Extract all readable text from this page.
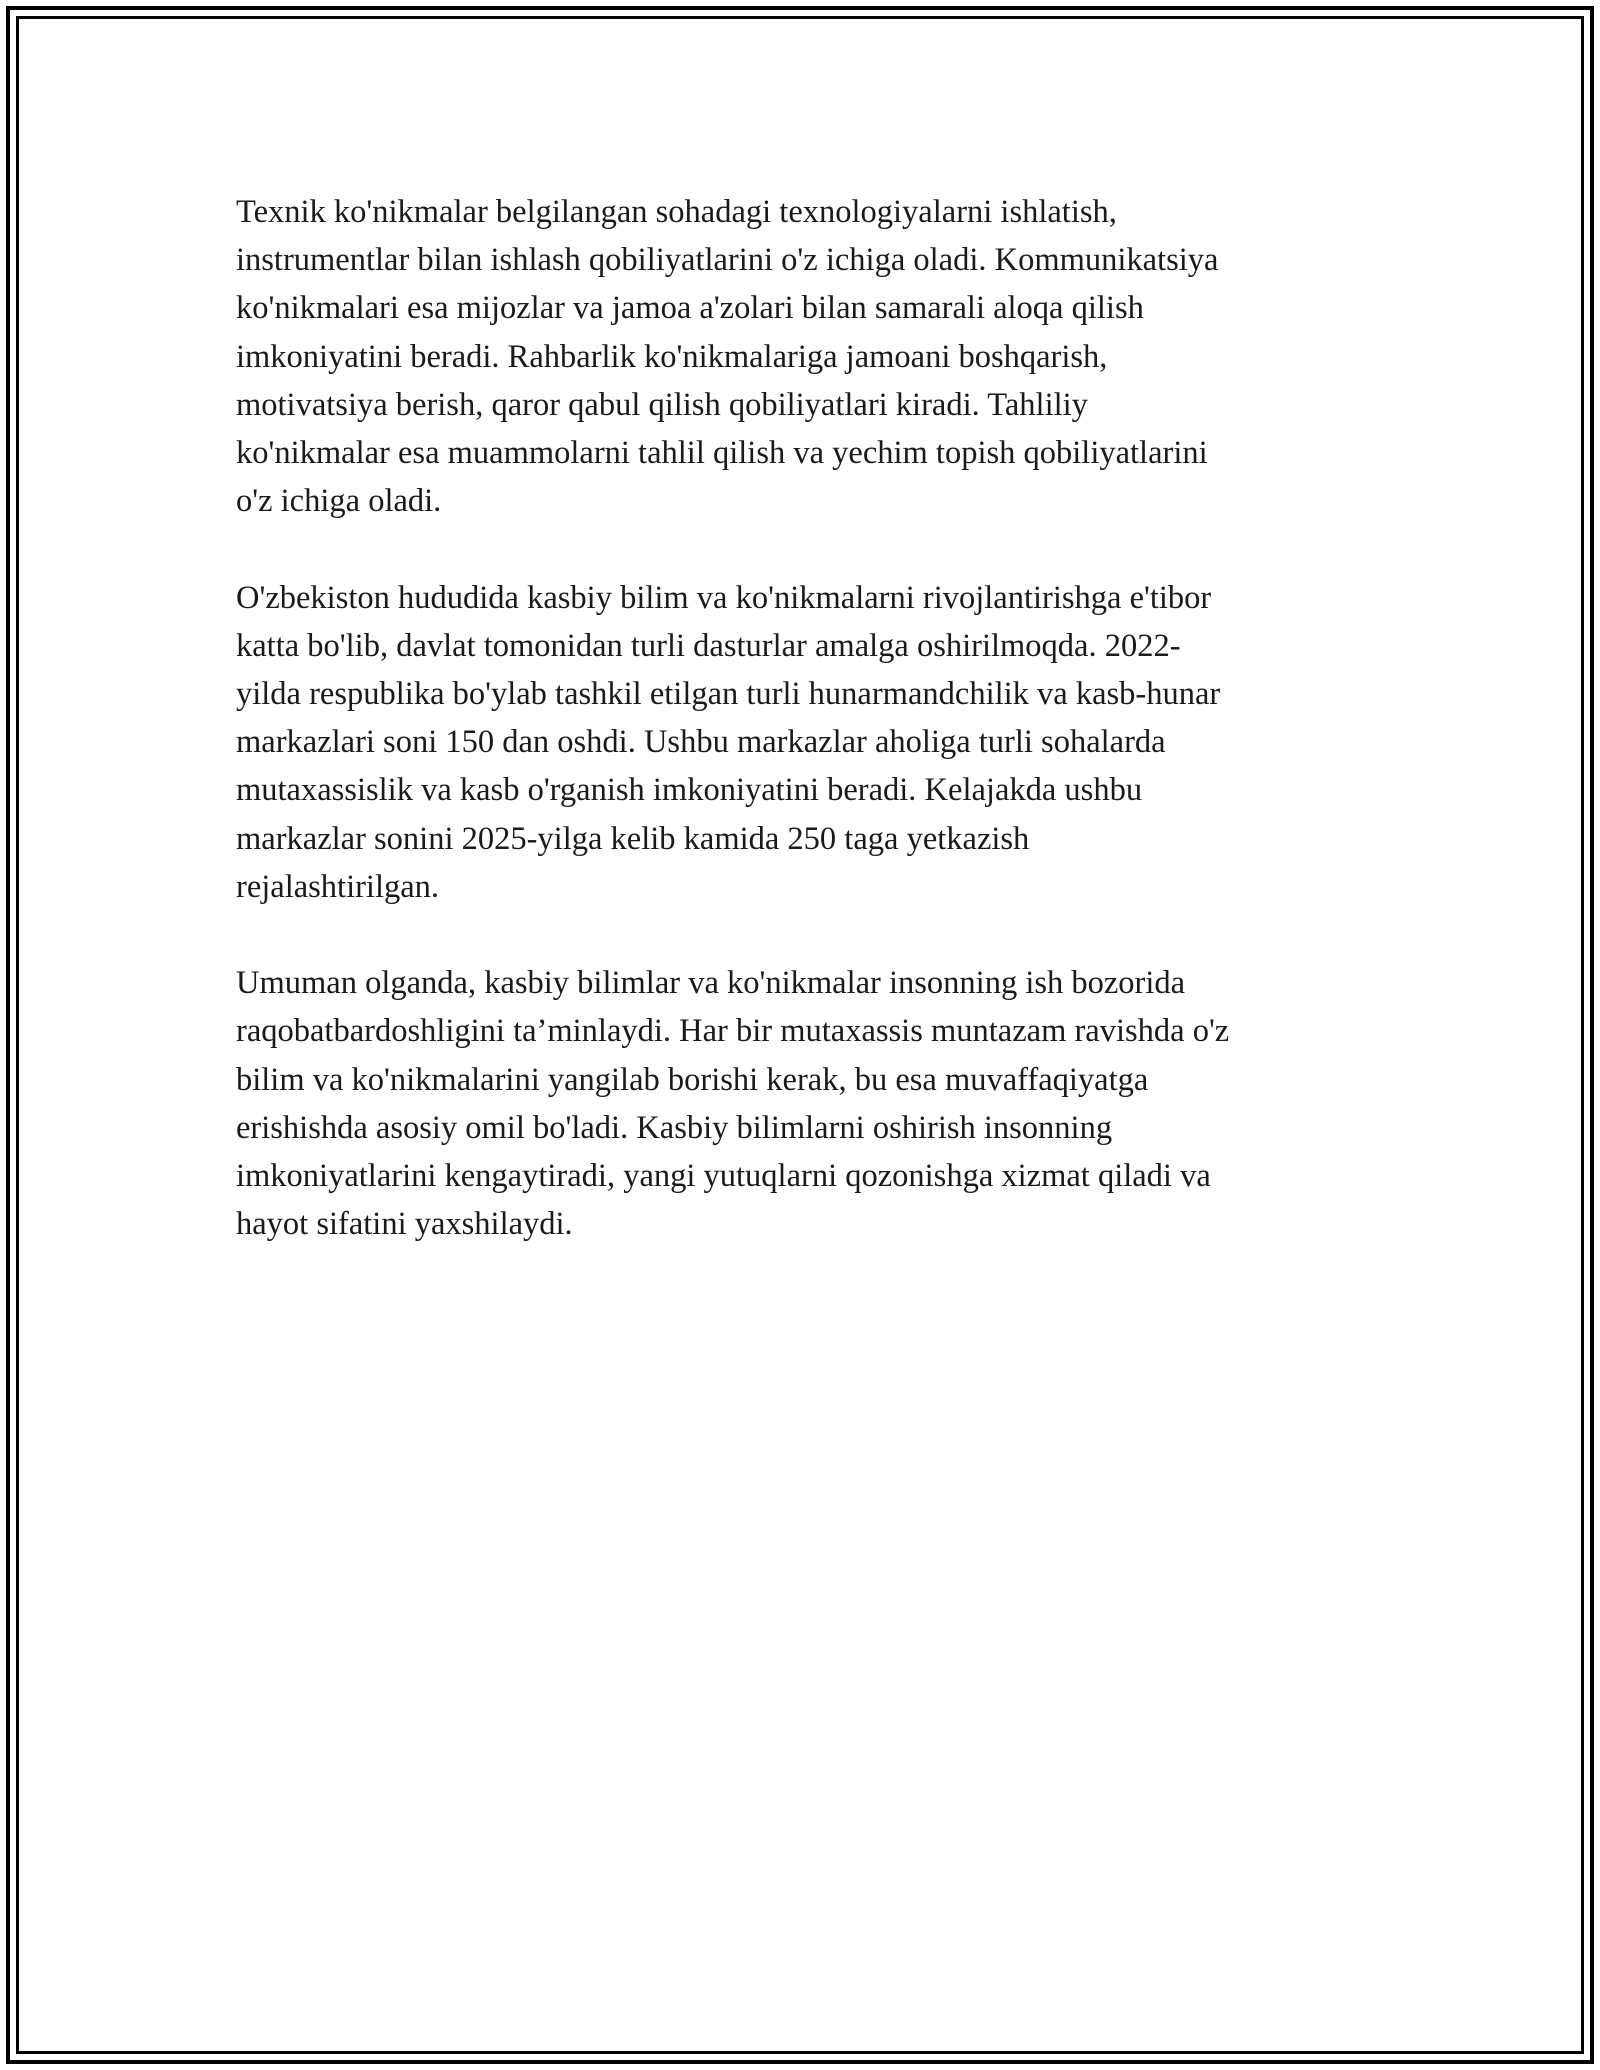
Texnik ko'nikmalar belgilangan sohadagi texnologiyalarni ishlatish,
instrumentlar bilan ishlash qobiliyatlarini o'z ichiga oladi. Kommunikatsiya
ko'nikmalari esa mijozlar va jamoa a'zolari bilan samarali aloqa qilish
imkoniyatini beradi. Rahbarlik ko'nikmalariga jamoani boshqarish,
motivatsiya berish, qaror qabul qilish qobiliyatlari kiradi. Tahliliy
ko'nikmalar esa muammolarni tahlil qilish va yechim topish qobiliyatlarini
o'z ichiga oladi.

O'zbekiston hududida kasbiy bilim va ko'nikmalarni rivojlantirishga e'tibor
katta bo'lib, davlat tomonidan turli dasturlar amalga oshirilmoqda. 2022-
yilda respublika bo'ylab tashkil etilgan turli hunarmandchilik va kasb-hunar
markazlari soni 150 dan oshdi. Ushbu markazlar aholiga turli sohalarda
mutaxassislik va kasb o'rganish imkoniyatini beradi. Kelajakda ushbu
markazlar sonini 2025-yilga kelib kamida 250 taga yetkazish
rejalashtirilgan.

Umuman olganda, kasbiy bilimlar va ko'nikmalar insonning ish bozorida
raqobatbardoshligini ta’minlaydi. Har bir mutaxassis muntazam ravishda o'z
bilim va ko'nikmalarini yangilab borishi kerak, bu esa muvaffaqiyatga
erishishda asosiy omil bo'ladi. Kasbiy bilimlarni oshirish insonning
imkoniyatlarini kengaytiradi, yangi yutuqlarni qozonishga xizmat qiladi va
hayot sifatini yaxshilaydi.
